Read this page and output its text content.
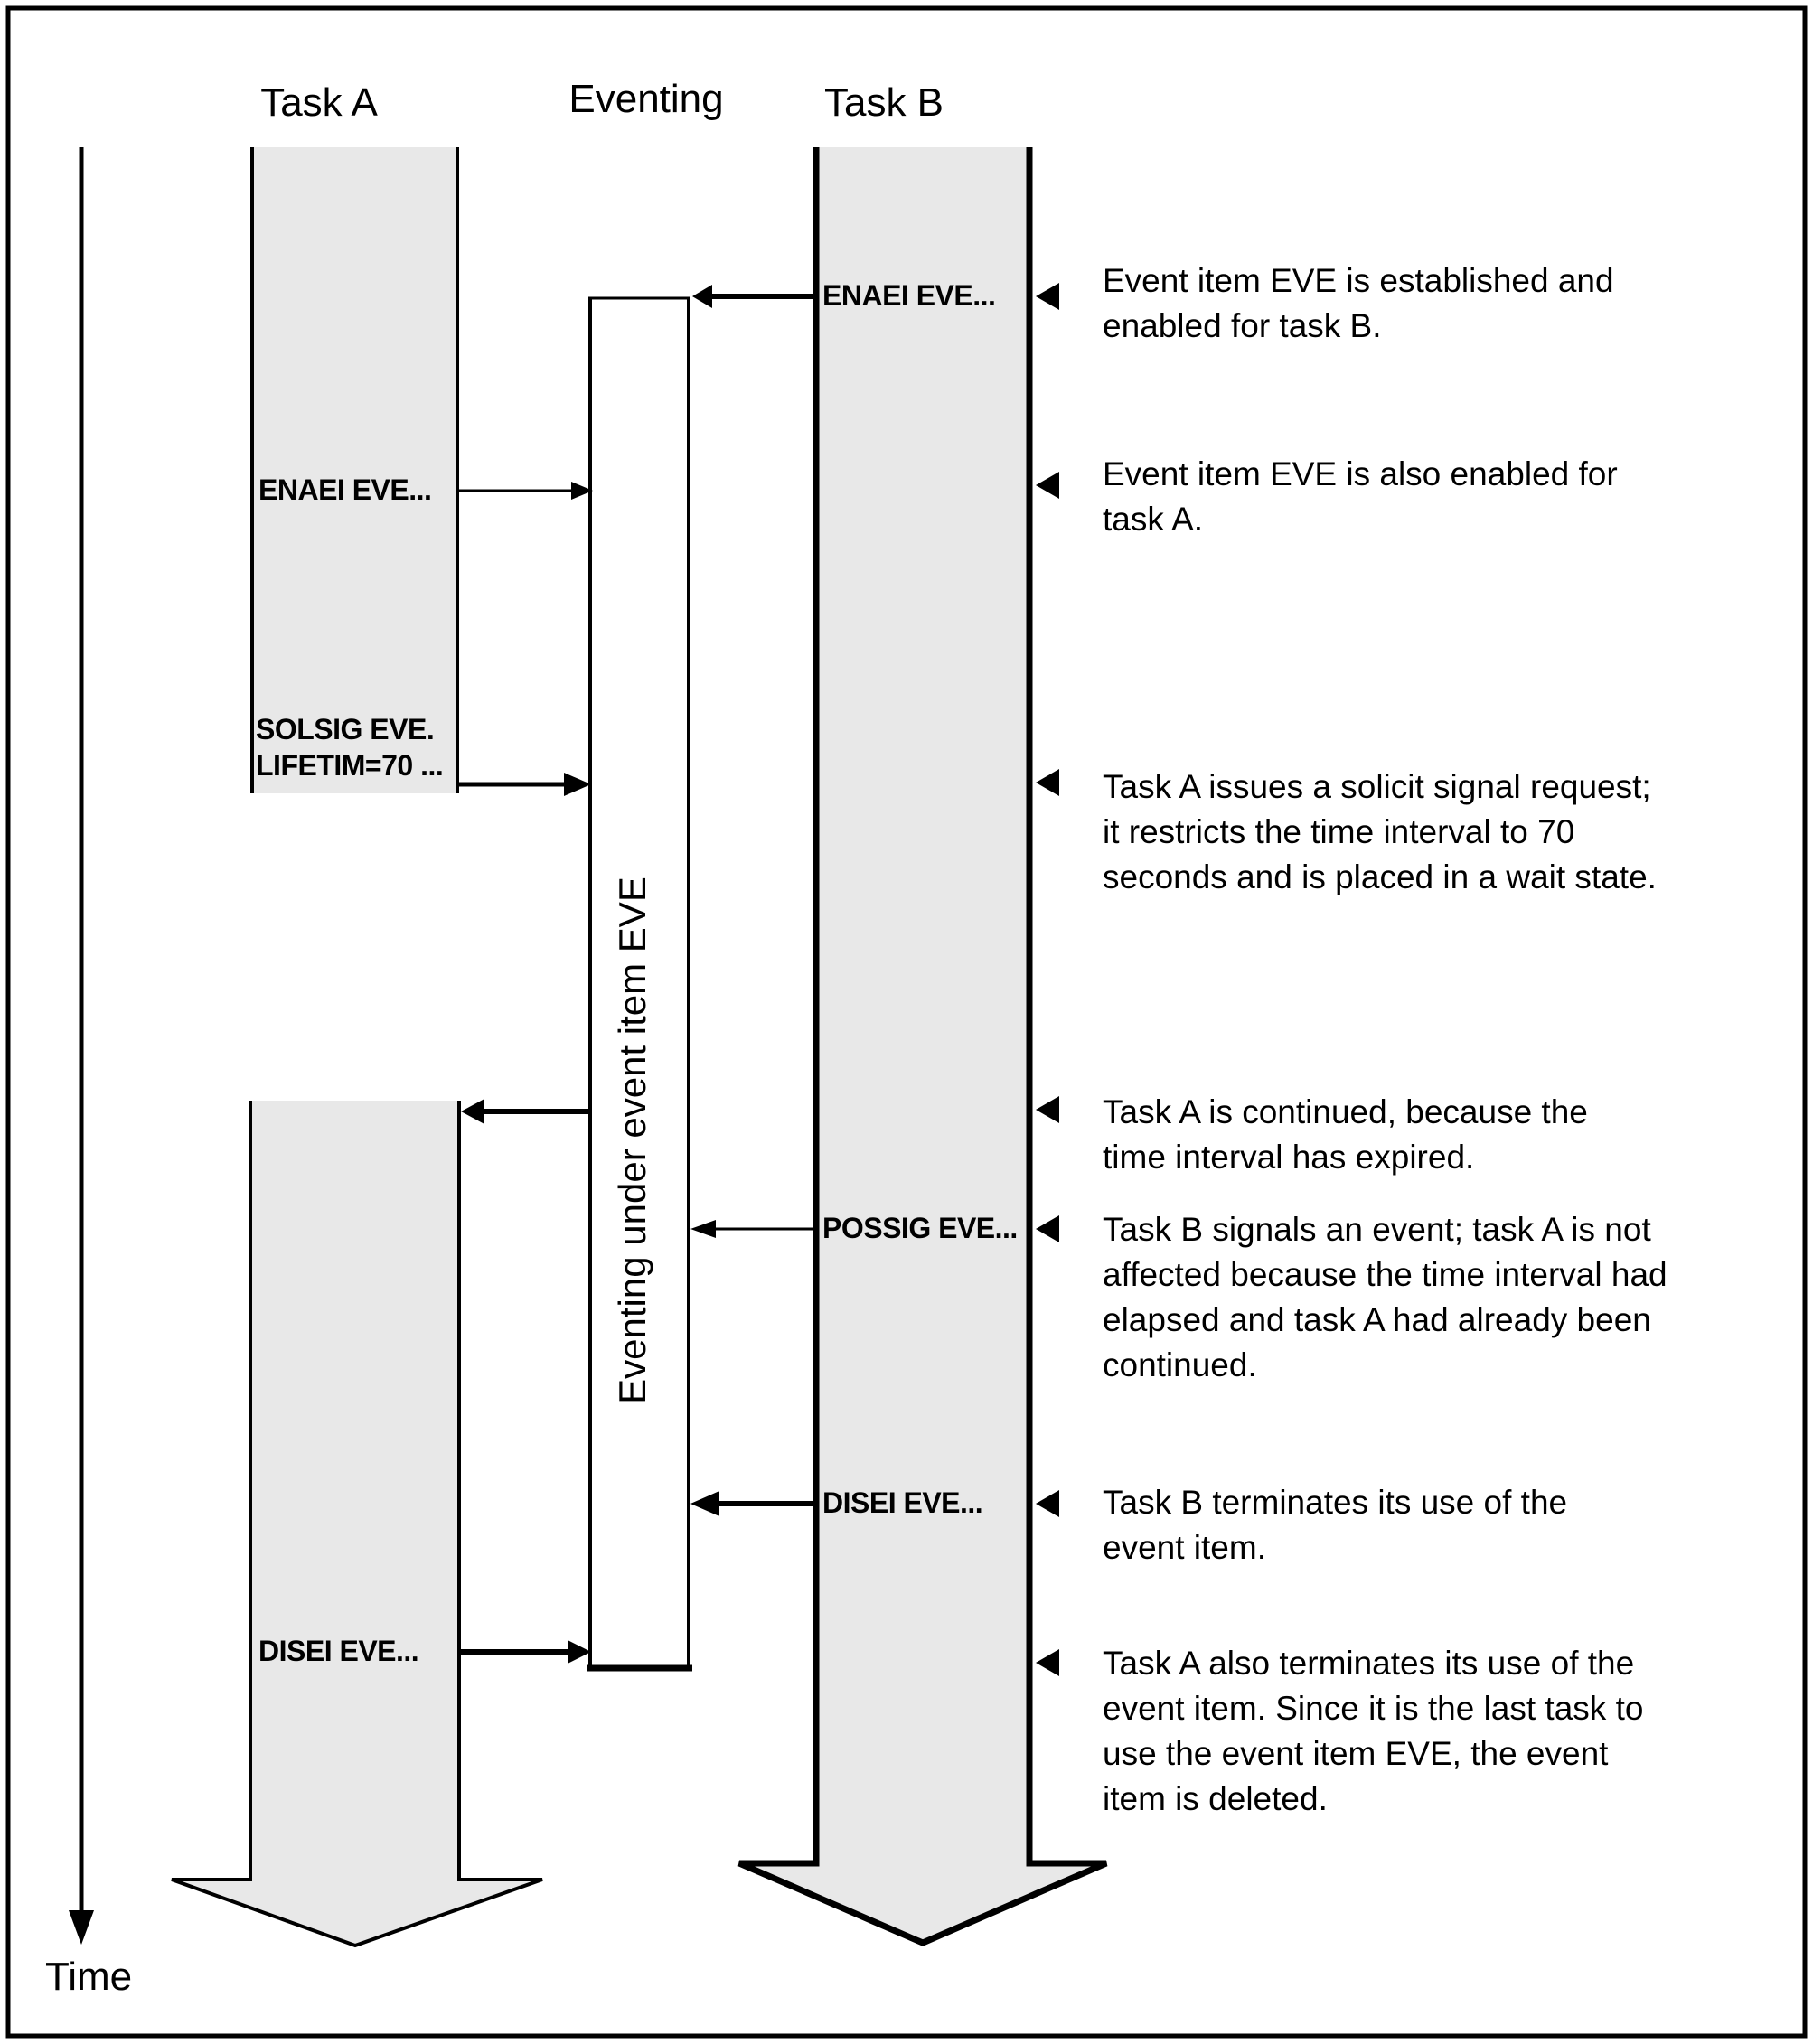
Task A	Eventing	Task B
Time
Eventing under event item EVE
ENAEI EVE...
SOLSIG EVE.
LIFETIM=70 ...
DISEI EVE...
ENAEI EVE...
POSSIG EVE...
DISEI EVE...
Event item EVE is established and
enabled for task B.
Event item EVE is also enabled for
task A.
Task A issues a solicit signal request;
it restricts the time interval to 70
seconds and is placed in a wait state.
Task A is continued, because the
time interval has expired.
Task B signals an event; task A is not
affected because the time interval had
elapsed and task A had already been
continued.
Task B terminates its use of the
event item.
Task A also terminates its use of the
event item. Since it is the last task to
use the event item EVE, the event
item is deleted.
